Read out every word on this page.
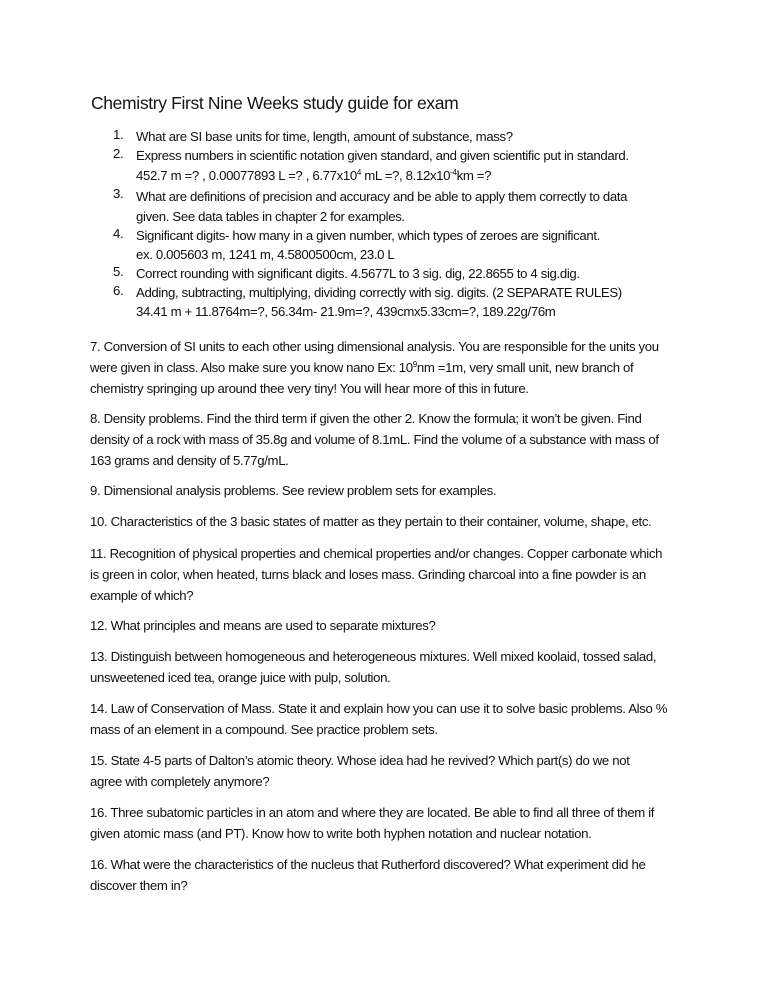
Chemistry First Nine Weeks study guide for exam
1. What are SI base units for time, length, amount of substance, mass?
2. Express numbers in scientific notation given standard, and given scientific put in standard.
452.7 m =? , 0.00077893 L =? , $6.77x10^4$ mL =?, $8.12x10^{-4}km$ =?
3. What are definitions of precision and accuracy and be able to apply them correctly to data
given. See data tables in chapter 2 for examples.
4. Significant digits- how many in a given number, which types of zeroes are significant.
ex. 0.005603 m, 1241 m, 4.5800500cm, 23.0 L
5. Correct rounding with significant digits. 4.5677L to 3 sig. dig, 22.8655 to 4 sig.dig.
6. Adding, subtracting, multiplying, dividing correctly with sig. digits. (2 SEPARATE RULES)
34.41 m + 11.8764m=?, 56.34m- 21.9m=?, 439cmx5.33cm=?, 189.22g/76m
7. Conversion of SI units to each other using dimensional analysis. You are responsible for the units you
were given in class. Also make sure you know nano Ex: $10^9nm =1m$, very small unit, new branch of
chemistry springing up around thee very tiny! You will hear more of this in future.
8. Density problems. Find the third term if given the other 2. Know the formula; it won’t be given. Find
density of a rock with mass of 35.8g and volume of 8.1mL. Find the volume of a substance with mass of
163 grams and density of 5.77g/mL.
9. Dimensional analysis problems. See review problem sets for examples.
10. Characteristics of the 3 basic states of matter as they pertain to their container, volume, shape, etc.
11. Recognition of physical properties and chemical properties and/or changes. Copper carbonate which
is green in color, when heated, turns black and loses mass. Grinding charcoal into a fine powder is an
example of which?
12. What principles and means are used to separate mixtures?
13. Distinguish between homogeneous and heterogeneous mixtures. Well mixed koolaid, tossed salad,
unsweetened iced tea, orange juice with pulp, solution.
14. Law of Conservation of Mass. State it and explain how you can use it to solve basic problems. Also %
mass of an element in a compound. See practice problem sets.
15. State 4-5 parts of Dalton’s atomic theory. Whose idea had he revived? Which part(s) do we not
agree with completely anymore?
16. Three subatomic particles in an atom and where they are located. Be able to find all three of them if
given atomic mass (and PT). Know how to write both hyphen notation and nuclear notation.
16. What were the characteristics of the nucleus that Rutherford discovered? What experiment did he
discover them in?
